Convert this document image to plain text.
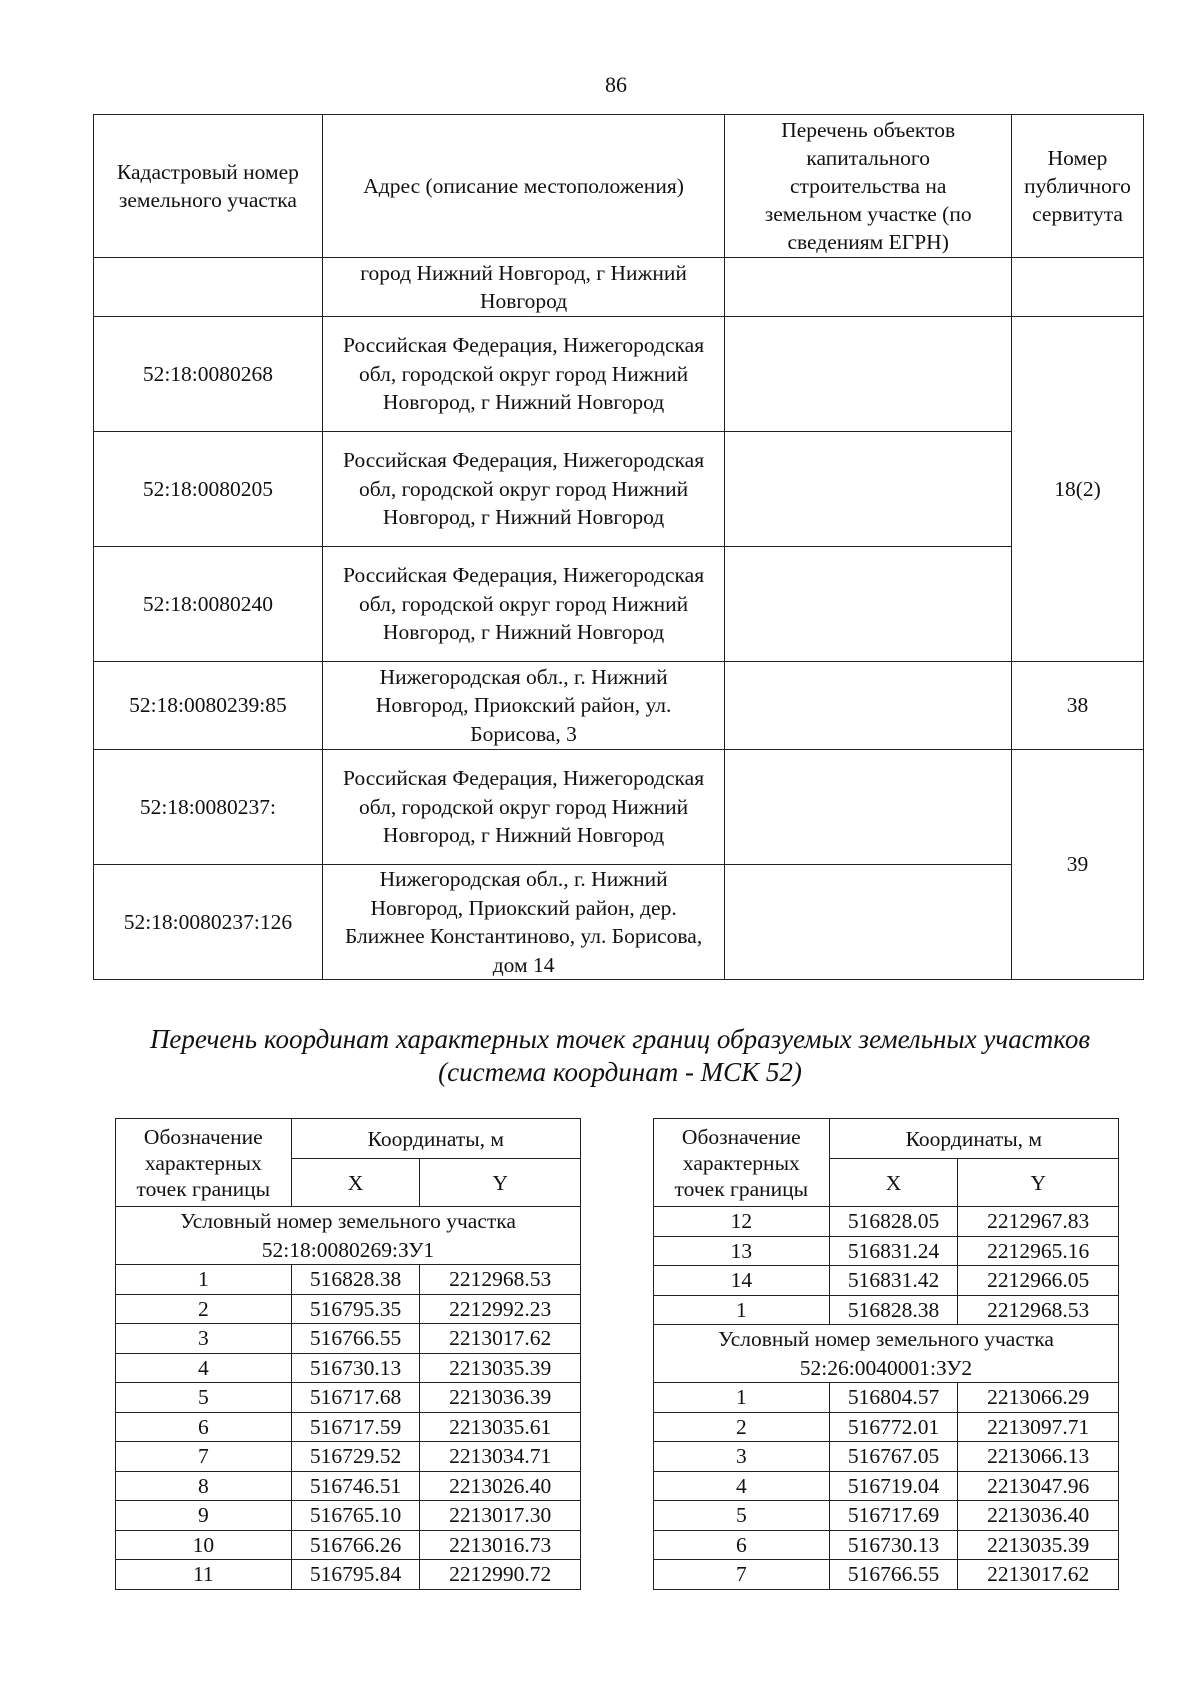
86
Кадастровый номер земельного участка	Адрес (описание местоположения)	Перечень объектов капитального строительства на земельном участке (по сведениям ЕГРН)	Номер публичного сервитута
	город Нижний Новгород, г Нижний Новгород		
52:18:0080268	Российская Федерация, Нижегородская обл, городской округ город Нижний Новгород, г Нижний Новгород		18(2)
52:18:0080205	Российская Федерация, Нижегородская обл, городской округ город Нижний Новгород, г Нижний Новгород		
52:18:0080240	Российская Федерация, Нижегородская обл, городской округ город Нижний Новгород, г Нижний Новгород		
52:18:0080239:85	Нижегородская обл., г. Нижний Новгород, Приокский район, ул. Борисова, 3		38
52:18:0080237:	Российская Федерация, Нижегородская обл, городской округ город Нижний Новгород, г Нижний Новгород		39
52:18:0080237:126	Нижегородская обл., г. Нижний Новгород, Приокский район, дер. Ближнее Константиново, ул. Борисова, дом 14		
Перечень координат характерных точек границ образуемых земельных участков
(система координат - МСК 52)
Обозначение характерных точек границы	Координаты, м	
	X	Y

Условный номер земельного участка
52:18:0080269:ЗУ1		

1	516828.38	2212968.53
2	516795.35	2212992.23
3	516766.55	2213017.62
4	516730.13	2213035.39
5	516717.68	2213036.39
6	516717.59	2213035.61
7	516729.52	2213034.71
8	516746.51	2213026.40
9	516765.10	2213017.30
10	516766.26	2213016.73
11	516795.84	2212990.72
Обозначение характерных точек границы	Координаты, м	
	X	Y
12	516828.05	2212967.83
13	516831.24	2212965.16
14	516831.42	2212966.05
1	516828.38	2212968.53

Условный номер земельного участка
52:26:0040001:ЗУ2		

1	516804.57	2213066.29
2	516772.01	2213097.71
3	516767.05	2213066.13
4	516719.04	2213047.96
5	516717.69	2213036.40
6	516730.13	2213035.39
7	516766.55	2213017.62
